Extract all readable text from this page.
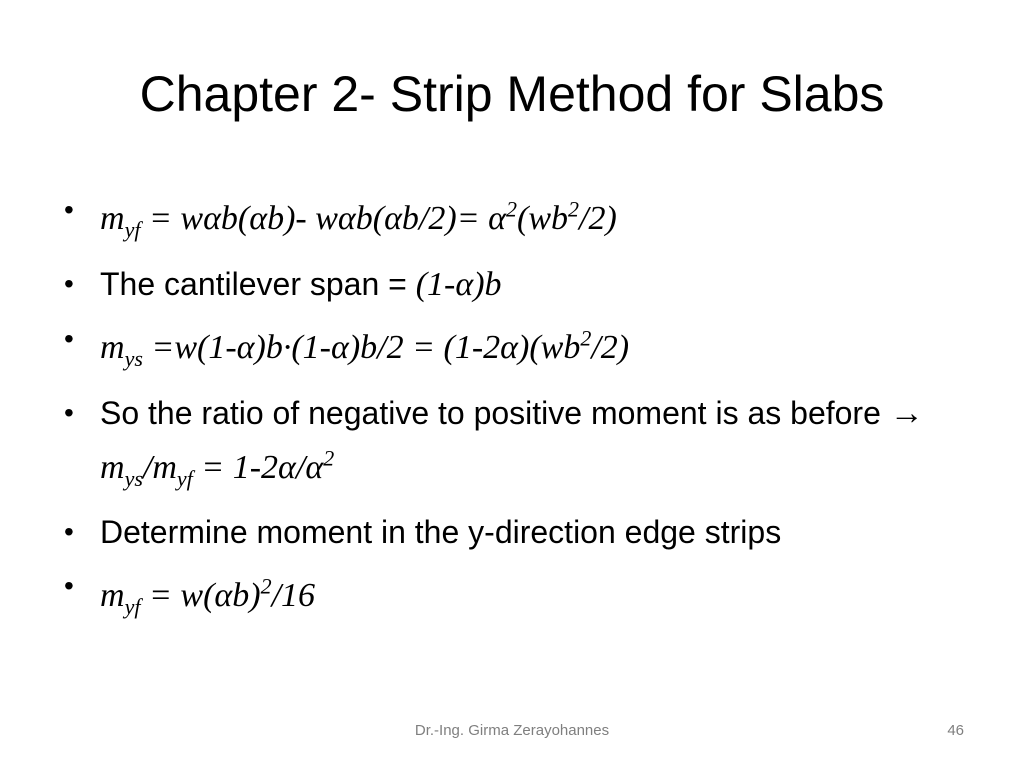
Chapter 2- Strip Method for Slabs
• $m_{yf} = w\alpha b(\alpha b)-$ $w\alpha b(\alpha b/2)= \alpha^2(wb^2/2)$
• The cantilever span = (1-α)b
• $m_{ys} =w(1-\alpha)b\cdot(1-\alpha)b/2 = (1-2\alpha)(wb^2/2)$
• So the ratio of negative to positive moment is as before → $m_{ys}/m_{yf} = 1-2\alpha/\alpha^2$
• Determine moment in the y-direction edge strips
• $m_{yf} = w(\alpha b)^2/16$
Dr.-Ing. Girma Zerayohannes	46
